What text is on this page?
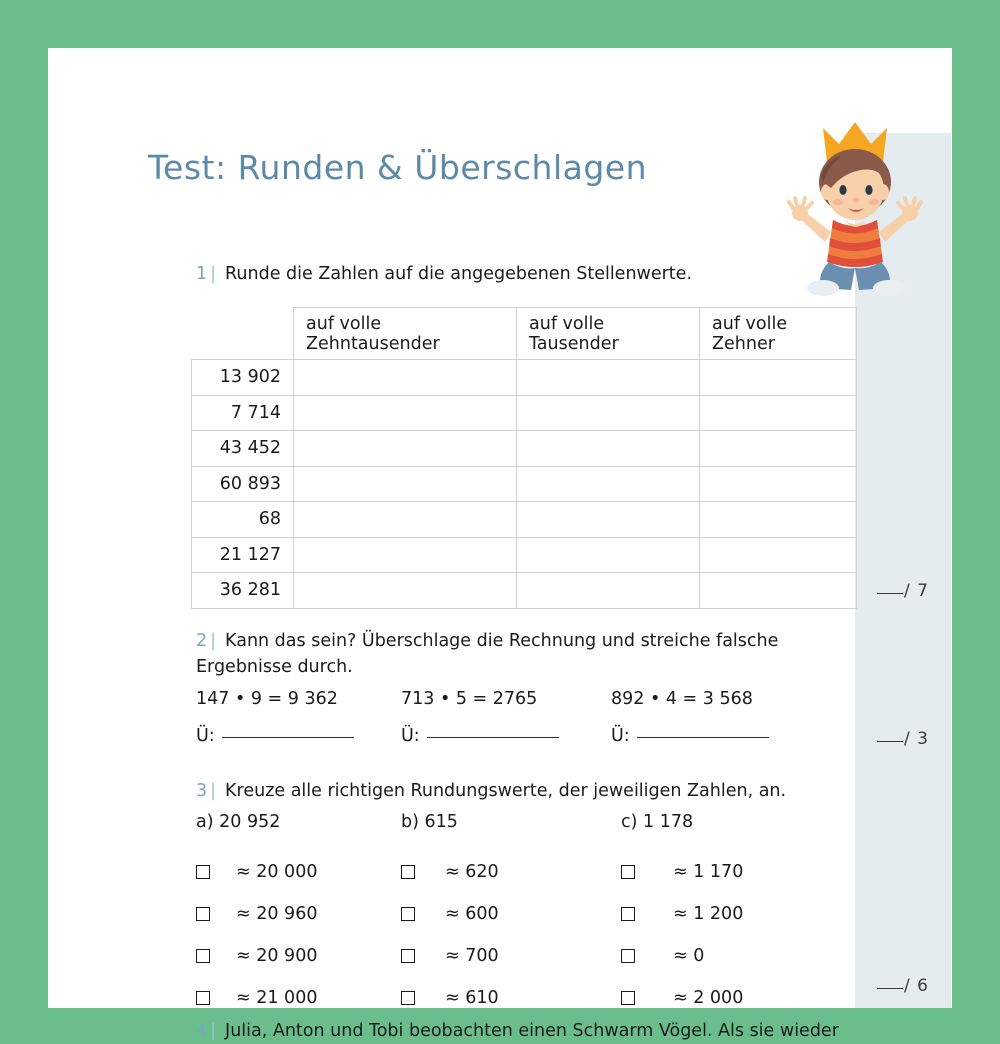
/ 7
/ 3
/ 6
Test: Runden & Überschlagen
1 | Runde die Zahlen auf die angegebenen Stellenwerte.
	auf volle Zehntausender	auf volle Tausender	auf volle Zehner
13 902			
7 714			
43 452			
60 893			
68			
21 127			
36 281			
2 | Kann das sein? Überschlage die Rechnung und streiche falsche Ergebnisse durch.
147 • 9 = 9 362	713 • 5 = 2765	892 • 4 = 3 568
Ü:	Ü:	Ü:
3 | Kreuze alle richtigen Rundungswerte, der jeweiligen Zahlen, an.
a) 20 952
≈ 20 000
≈ 20 960
≈ 20 900
≈ 21 000
b) 615
≈ 620
≈ 600
≈ 700
≈ 610
c) 1 178
≈ 1 170
≈ 1 200
≈ 0
≈ 2 000
4 | Julia, Anton und Tobi beobachten einen Schwarm Vögel. Als sie wieder
